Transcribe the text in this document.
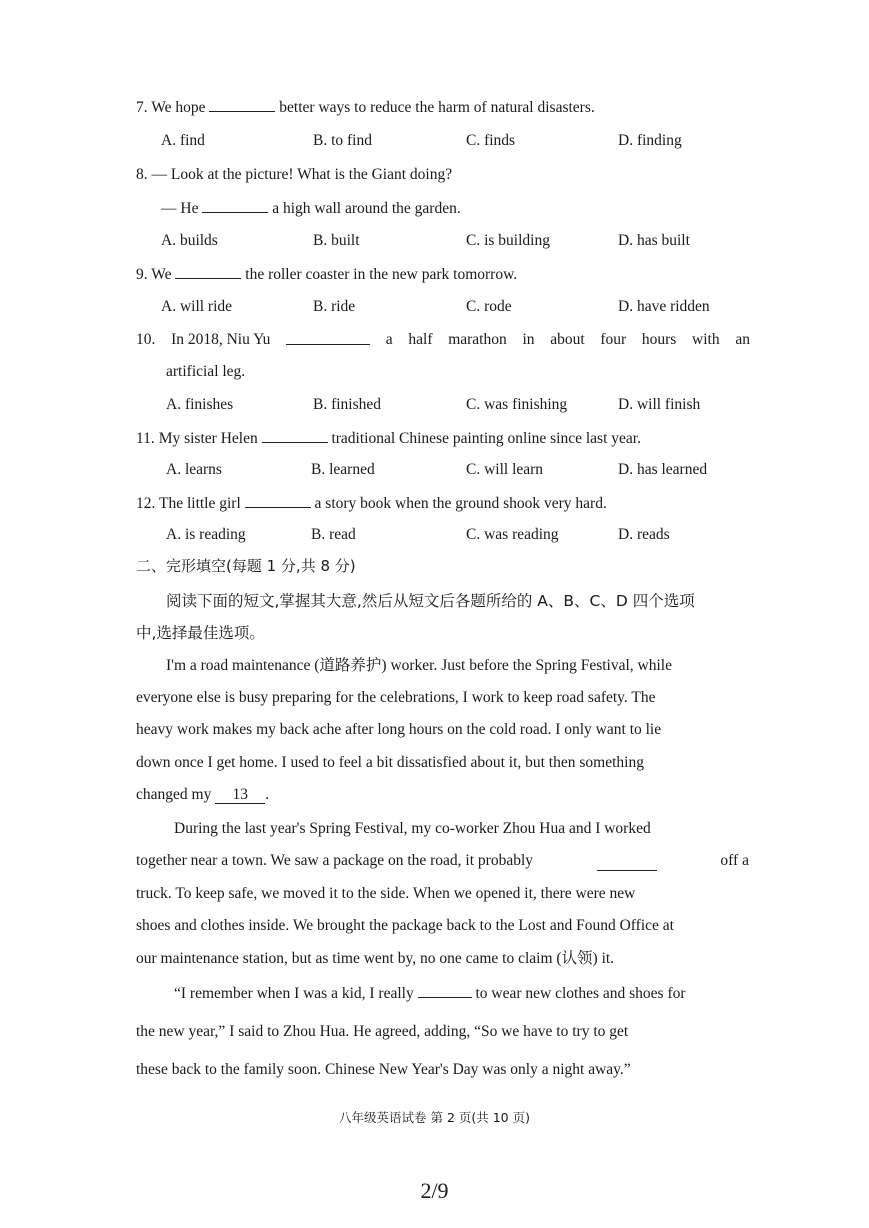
7. We hope	better ways to reduce the harm of natural disasters.
A. find	B. to find	C. finds	D. finding
8. — Look at the picture! What is the Giant doing?
— He	a high wall around the garden.
A. builds	B. built	C. is building	D. has built
9. We	the roller coaster in the new park tomorrow.
A. will ride	B. ride	C. rode	D. have ridden
10. In 2018, Niu Yu	a half marathon in about four hours with an
artificial leg.
A. finishes	B. finished	C. was finishing	D. will finish
11. My sister Helen	traditional Chinese painting online since last year.
A. learns	B. learned	C. will learn	D. has learned
12. The little girl	a story book when the ground shook very hard.
A. is reading	B. read	C. was reading	D. reads
二、完形填空(每题 1 分,共 8 分)
阅读下面的短文,掌握其大意,然后从短文后各题所给的 A、B、C、D 四个选项
中,选择最佳选项。
I'm a road maintenance (道路养护) worker. Just before the Spring Festival, while
everyone else is busy preparing for the celebrations, I work to keep road safety. The
heavy work makes my back ache after long hours on the cold road. I only want to lie
down once I get home. I used to feel a bit dissatisfied about it, but then something
changed my 13 .
During the last year's Spring Festival, my co-worker Zhou Hua and I worked
together near a town. We saw a package on the road, it probably	off a
truck. To keep safe, we moved it to the side. When we opened it, there were new
shoes and clothes inside. We brought the package back to the Lost and Found Office at
our maintenance station, but as time went by, no one came to claim (认领) it.
“I remember when I was a kid, I really	to wear new clothes and shoes for
the new year,” I said to Zhou Hua. He agreed, adding, “So we have to try to get
these back to the family soon. Chinese New Year's Day was only a night away.”
八年级英语试卷 第 2 页(共 10 页)
2/9
